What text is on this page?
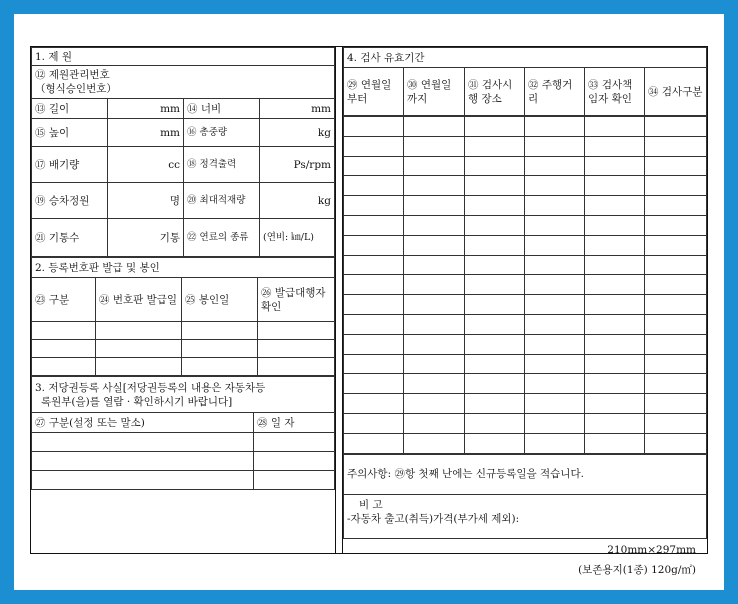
1. 제 원			

⑫ 제원관리번호
（형식승인번호）			

⑬ 길이	mm	⑭ 너비	mm
⑮ 높이	mm	⑯ 총중량	kg
⑰ 배기량	cc	⑱ 정격출력	Ps/rpm
⑲ 승차정원	명	⑳ 최대적재량	kg
㉑ 기통수	기통	㉒ 연료의 종류	(연비: ㎞/L)
2. 등록번호판 발급 및 봉인			
㉓ 구분	㉔ 번호판 발급일	㉕ 봉인일	㉖ 발급대행자 확인

3. 저당권등록 사실[저당권등록의 내용은 자동차등
록원부(을)를 열람 · 확인하시기 바랍니다]	

㉗ 구분(설정 또는 말소)	㉘ 일 자

4. 검사 유효기간
㉙ 연월일부터	㉚ 연월일까지	㉛ 검사시행 장소	㉜ 주행거리	㉝ 검사책임자 확인	㉞ 검사구분

주의사항: ㉙항 첫째 난에는 신규등록일을 적습니다.

비 고
-자동차 출고(취득)가격(부가세 제외):
210mm×297mm
(보존용지(1종) 120g/㎡)
